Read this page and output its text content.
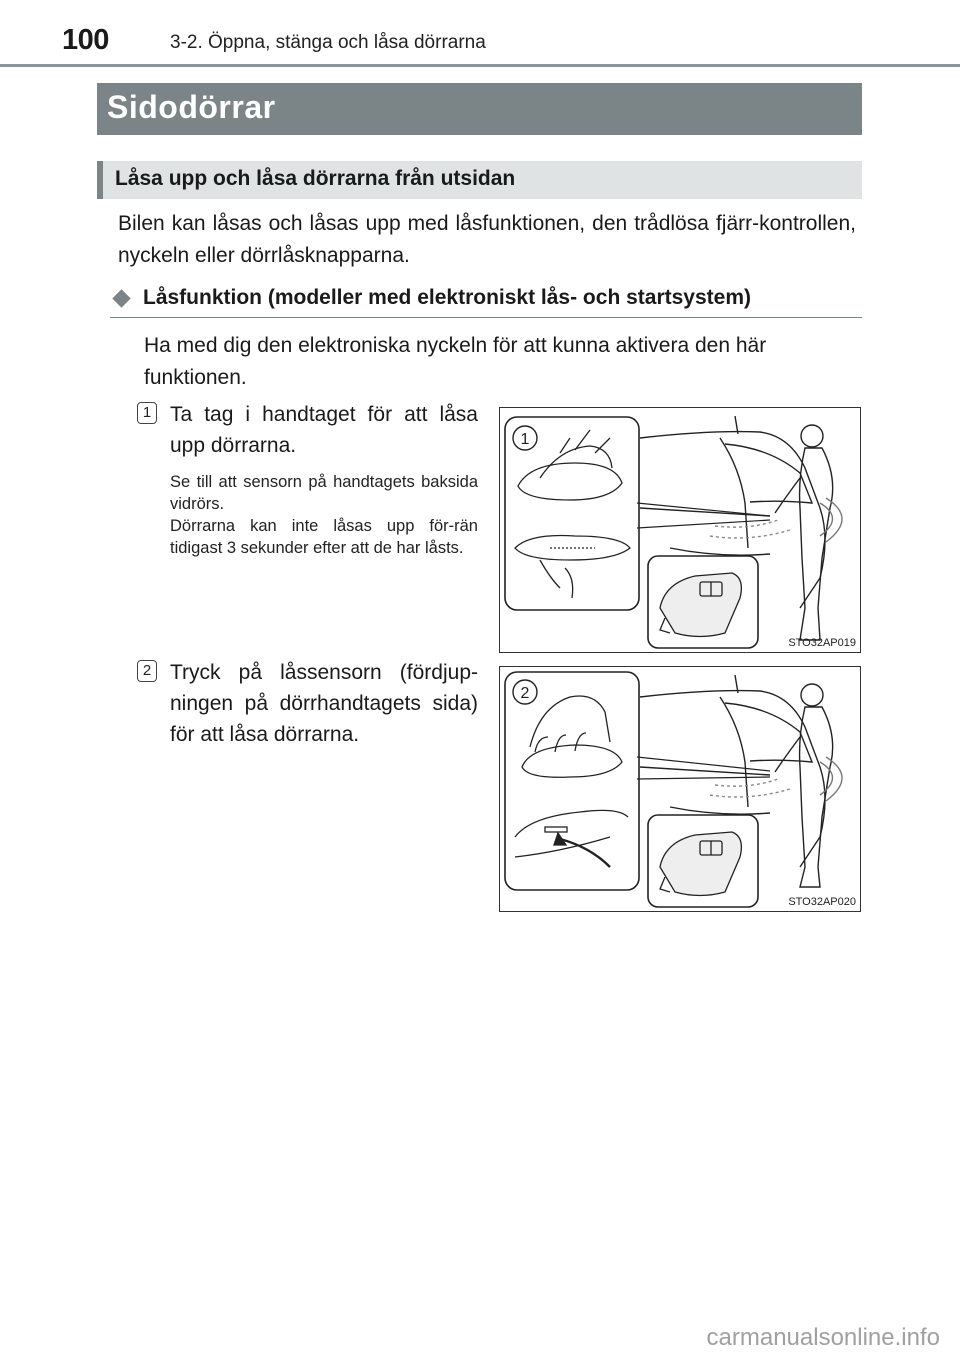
100	3-2. Öppna, stänga och låsa dörrarna
Sidodörrar
Låsa upp och låsa dörrarna från utsidan
Bilen kan låsas och låsas upp med låsfunktionen, den trådlösa fjärr-kontrollen, nyckeln eller dörrlåsknapparna.
Låsfunktion (modeller med elektroniskt lås- och startsystem)
Ha med dig den elektroniska nyckeln för att kunna aktivera den här funktionen.
1 Ta tag i handtaget för att låsa upp dörrarna.
Se till att sensorn på handtagets baksida vidrörs.
Dörrarna kan inte låsas upp för-rän tidigast 3 sekunder efter att de har låsts.
1
STO32AP019
2 Tryck på låssensorn (fördjup-ningen på dörrhandtagets sida) för att låsa dörrarna.
2
STO32AP020
carmanualsonline.info
